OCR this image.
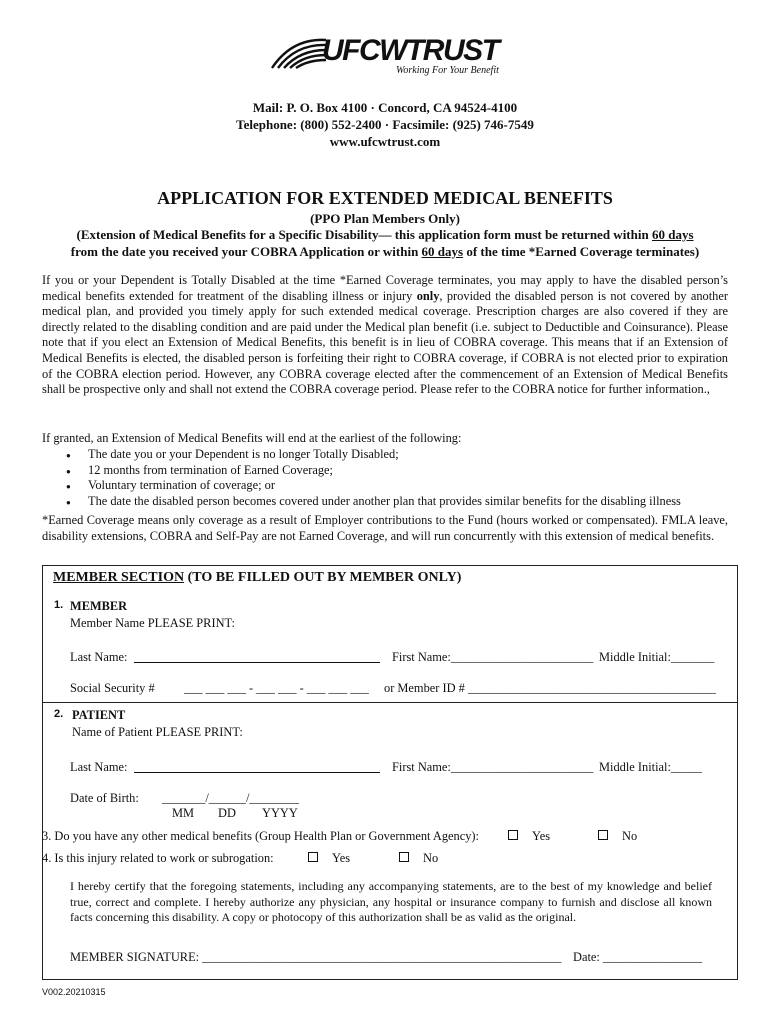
UFCWTRUST
Working For Your Benefit
Mail: P. O. Box 4100 · Concord, CA 94524-4100
Telephone: (800) 552-2400 · Facsimile: (925) 746-7549
www.ufcwtrust.com
APPLICATION FOR EXTENDED MEDICAL BENEFITS
(PPO Plan Members Only)
(Extension of Medical Benefits for a Specific Disability— this application form must be returned within 60 days
from the date you received your COBRA Application or within 60 days of the time *Earned Coverage terminates)
If you or your Dependent is Totally Disabled at the time *Earned Coverage terminates, you may apply to have the disabled person’s medical benefits extended for treatment of the disabling illness or injury only, provided the disabled person is not covered by another medical plan, and provided you timely apply for such extended medical coverage. Prescription charges are also covered if they are directly related to the disabling condition and are paid under the Medical plan benefit (i.e. subject to Deductible and Coinsurance). Please note that if you elect an Extension of Medical Benefits, this benefit is in lieu of COBRA coverage. This means that if an Extension of Medical Benefits is elected, the disabled person is forfeiting their right to COBRA coverage, if COBRA is not elected prior to expiration of the COBRA election period. However, any COBRA coverage elected after the commencement of an Extension of Medical Benefits shall be prospective only and shall not extend the COBRA coverage period. Please refer to the COBRA notice for further information.,
If granted, an Extension of Medical Benefits will end at the earliest of the following:
● The date you or your Dependent is no longer Totally Disabled;
● 12 months from termination of Earned Coverage;
● Voluntary termination of coverage; or
● The date the disabled person becomes covered under another plan that provides similar benefits for the disabling illness
*Earned Coverage means only coverage as a result of Employer contributions to the Fund (hours worked or compensated). FMLA leave, disability extensions, COBRA and Self-Pay are not Earned Coverage, and will run concurrently with this extension of medical benefits.
MEMBER SECTION (TO BE FILLED OUT BY MEMBER ONLY)
1. MEMBER
Member Name PLEASE PRINT:
Last Name:	First Name:_______________________ Middle Initial:_______
Social Security # ___ ___ ___ - ___ ___ - ___ ___ ___ or Member ID # ________________________________________
2. PATIENT
Name of Patient PLEASE PRINT:
Last Name:	First Name:_______________________ Middle Initial:_____
Date of Birth: _______/______/________
MM DD YYYY
3. Do you have any other medical benefits (Group Health Plan or Government Agency):	Yes	No
4. Is this injury related to work or subrogation:	Yes	No
I hereby certify that the foregoing statements, including any accompanying statements, are to the best of my knowledge and belief true, correct and complete. I hereby authorize any physician, any hospital or insurance company to furnish and disclose all known facts concerning this disability. A copy or photocopy of this authorization shall be as valid as the original.
MEMBER SIGNATURE: __________________________________________________________ Date: ________________
V002.20210315
